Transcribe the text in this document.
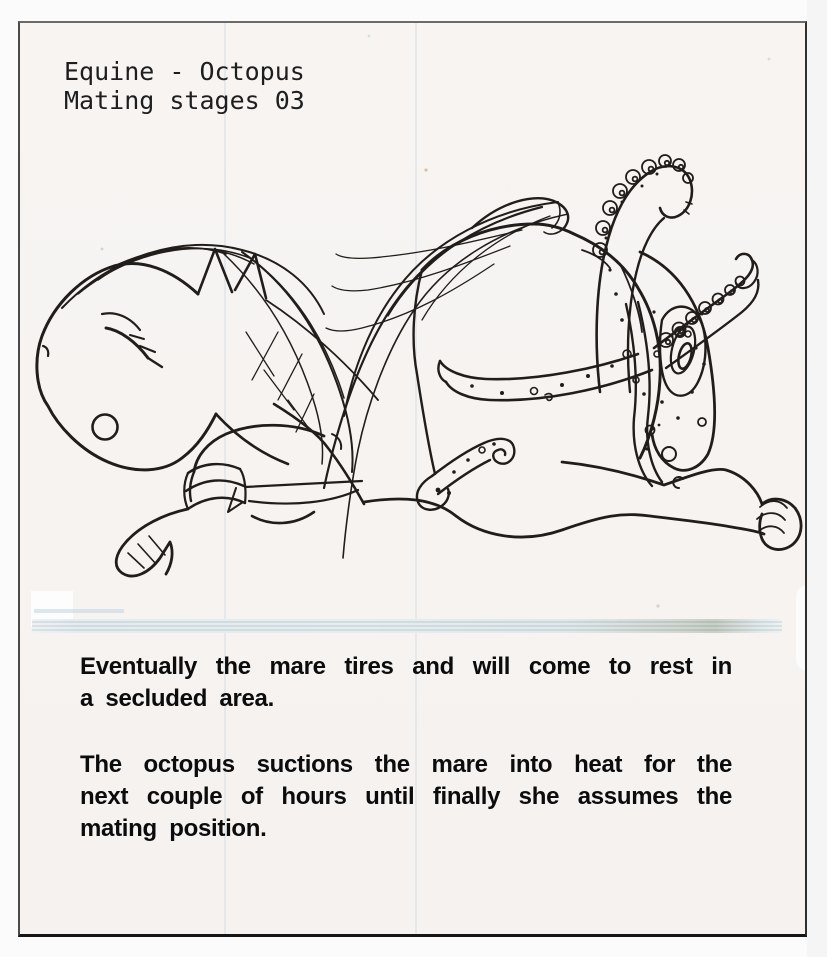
Equine - Octopus
Mating stages 03
Eventually the mare tires and will come to rest in
a secluded area.
The octopus suctions the mare into heat for the
next couple of hours until finally she assumes the
mating position.
